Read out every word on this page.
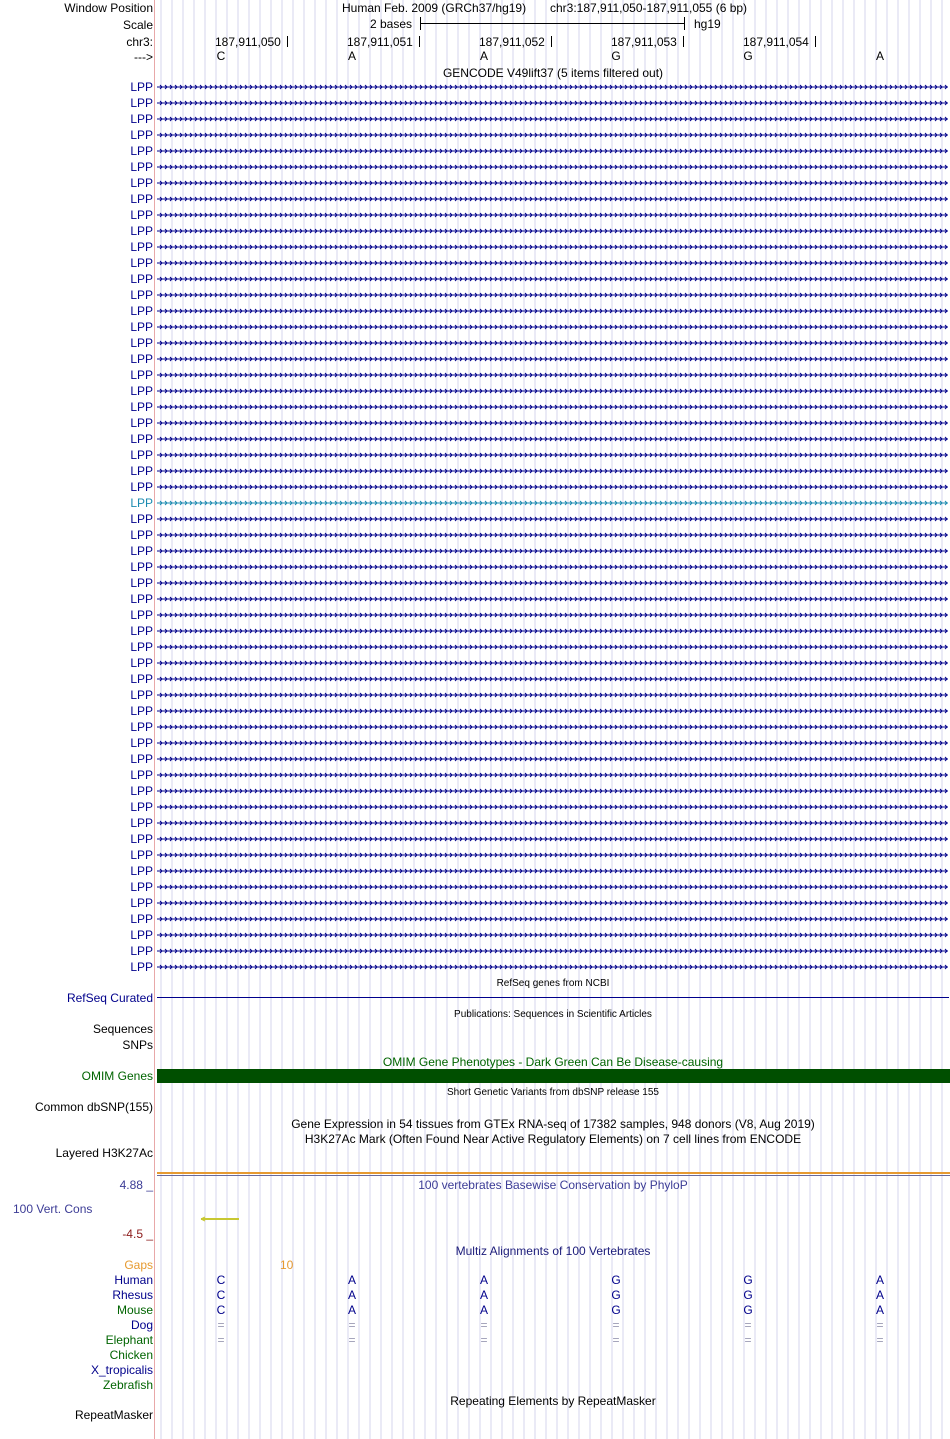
Window Position	Human Feb. 2009 (GRCh37/hg19) chr3:187,911,050-187,911,055 (6 bp)
Scale	2 bases	hg19
chr3:	187,911,050	187,911,051	187,911,052	187,911,053	187,911,054
--->	C	A	A	G	G	A
GENCODE V49lift37 (5 items filtered out)
LPP
LPP
LPP
LPP
LPP
LPP
LPP
LPP
LPP
LPP
LPP
LPP
LPP
LPP
LPP
LPP
LPP
LPP
LPP
LPP
LPP
LPP
LPP
LPP
LPP
LPP
LPP
LPP
LPP
LPP
LPP
LPP
LPP
LPP
LPP
LPP
LPP
LPP
LPP
LPP
LPP
LPP
LPP
LPP
LPP
LPP
LPP
LPP
LPP
LPP
LPP
LPP
LPP
LPP
LPP
LPP
RefSeq genes from NCBI
RefSeq Curated
Publications: Sequences in Scientific Articles
Sequences
SNPs
OMIM Gene Phenotypes - Dark Green Can Be Disease-causing
OMIM Genes
Short Genetic Variants from dbSNP release 155
Common dbSNP(155)
Gene Expression in 54 tissues from GTEx RNA-seq of 17382 samples, 948 donors (V8, Aug 2019)
H3K27Ac Mark (Often Found Near Active Regulatory Elements) on 7 cell lines from ENCODE
Layered H3K27Ac
4.88 _	100 vertebrates Basewise Conservation by PhyloP
100 Vert. Cons
-4.5 _
Multiz Alignments of 100 Vertebrates
Gaps	10
Human	C	A	A	G	G	A
Rhesus	C	A	A	G	G	A
Mouse	C	A	A	G	G	A
Dog	=	=	=	=	=	=
Elephant	=	=	=	=	=	=
Chicken
X_tropicalis
Zebrafish
Repeating Elements by RepeatMasker
RepeatMasker
